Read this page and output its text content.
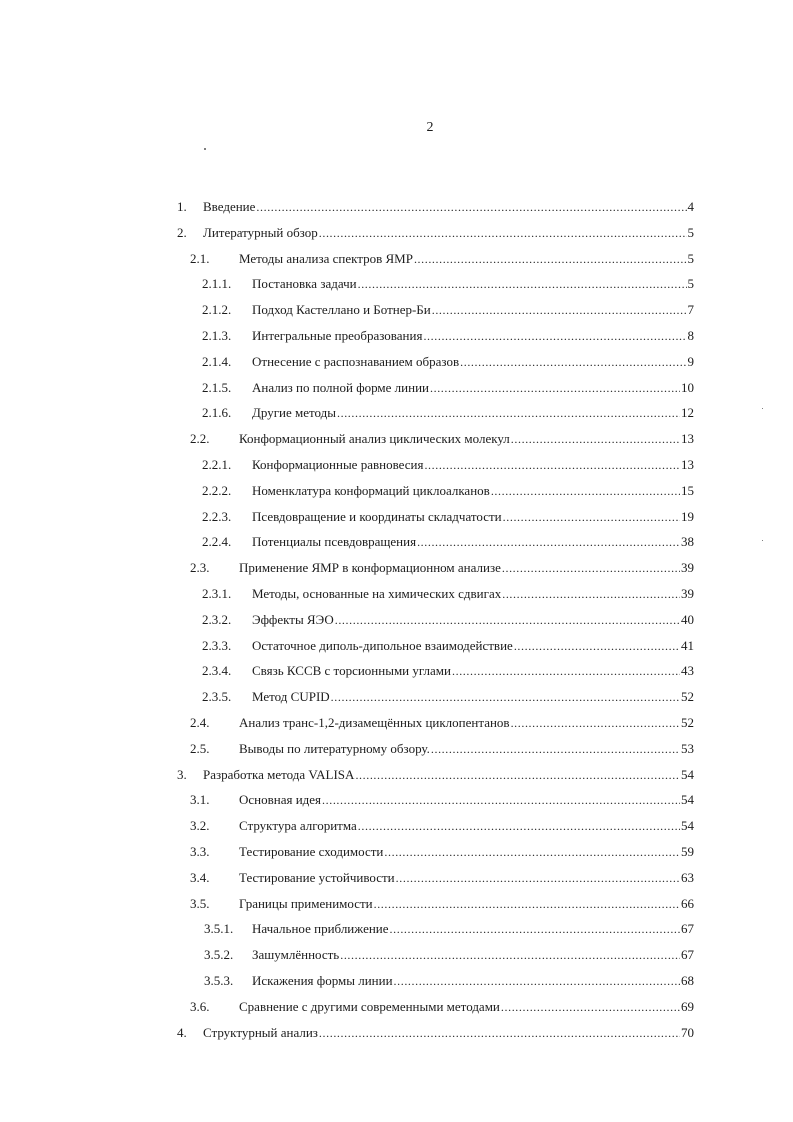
2
1.	Введение .....	4
2.	Литературный обзор .....	5
2.1.	Методы анализа спектров ЯМР .....	5
2.1.1.	Постановка задачи .....	5
2.1.2.	Подход Кастеллано и Ботнер-Би .....	7
2.1.3.	Интегральные преобразования .....	8
2.1.4.	Отнесение с распознаванием образов .....	9
2.1.5.	Анализ по полной форме линии .....	10
2.1.6.	Другие методы .....	12
2.2.	Конформационный анализ циклических молекул .....	13
2.2.1.	Конформационные равновесия .....	13
2.2.2.	Номенклатура конформаций циклоалканов .....	15
2.2.3.	Псевдовращение и координаты складчатости .....	19
2.2.4.	Потенциалы псевдовращения .....	38
2.3.	Применение ЯМР в конформационном анализе .....	39
2.3.1.	Методы, основанные на химических сдвигах .....	39
2.3.2.	Эффекты ЯЭО .....	40
2.3.3.	Остаточное диполь-дипольное взаимодействие .....	41
2.3.4.	Связь КССВ с торсионными углами .....	43
2.3.5.	Метод CUPID .....	52
2.4.	Анализ транс-1,2-дизамещённых циклопентанов .....	52
2.5.	Выводы по литературному обзору. .....	53
3.	Разработка метода VALISA .....	54
3.1.	Основная идея .....	54
3.2.	Структура алгоритма .....	54
3.3.	Тестирование сходимости .....	59
3.4.	Тестирование устойчивости .....	63
3.5.	Границы применимости .....	66
3.5.1.	Начальное приближение .....	67
3.5.2.	Зашумлённость .....	67
3.5.3.	Искажения формы линии .....	68
3.6.	Сравнение с другими современными методами .....	69
4.	Структурный анализ .....	70
